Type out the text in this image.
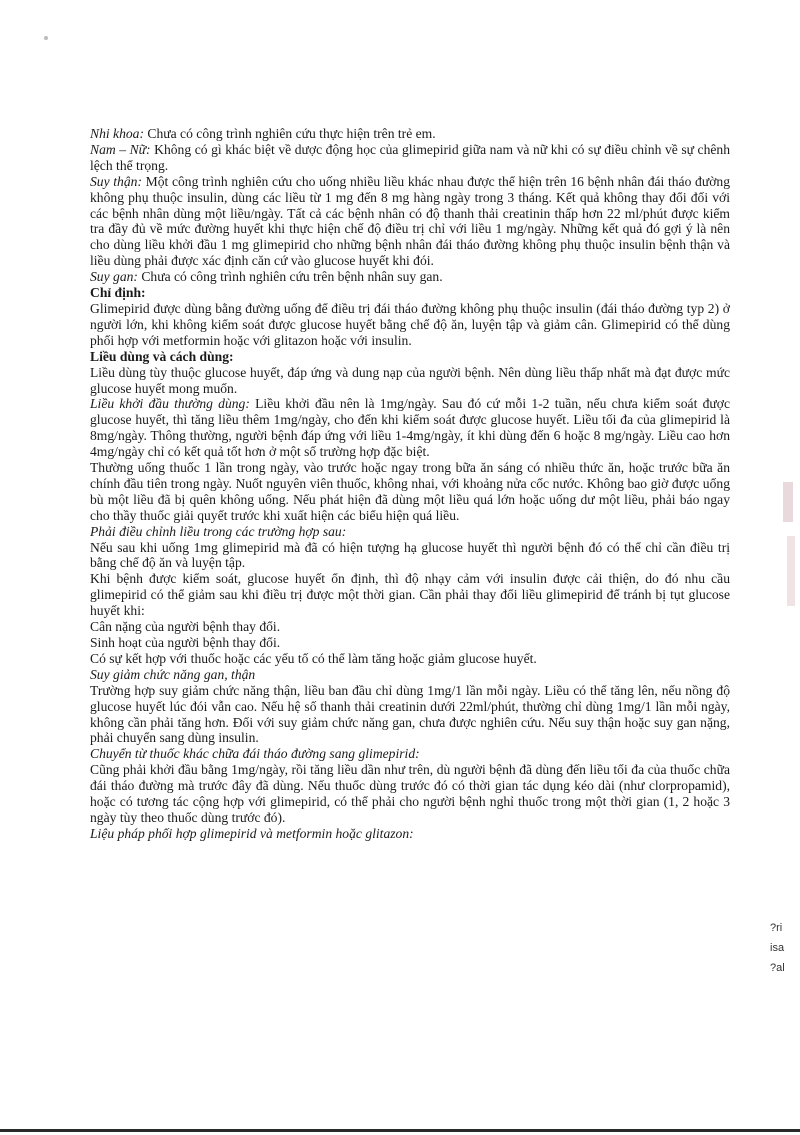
Nhi khoa: Chưa có công trình nghiên cứu thực hiện trên trẻ em.

Nam – Nữ: Không có gì khác biệt về dược động học của glimepirid giữa nam và nữ khi có sự điều chỉnh về sự chênh lệch thể trọng.

Suy thận: Một công trình nghiên cứu cho uống nhiều liều khác nhau được thể hiện trên 16 bệnh nhân đái tháo đường không phụ thuộc insulin, dùng các liều từ 1 mg đến 8 mg hàng ngày trong 3 tháng. Kết quả không thay đổi đối với các bệnh nhân dùng một liều/ngày. Tất cả các bệnh nhân có độ thanh thải creatinin thấp hơn 22 ml/phút được kiểm tra đầy đủ về mức đường huyết khi thực hiện chế độ điều trị chỉ với liều 1 mg/ngày. Những kết quả đó gợi ý là nên cho dùng liều khởi đầu 1 mg glimepirid cho những bệnh nhân đái tháo đường không phụ thuộc insulin bệnh thận và liều dùng phải được xác định căn cứ vào glucose huyết khi đói.

Suy gan: Chưa có công trình nghiên cứu trên bệnh nhân suy gan.

Chỉ định:

Glimepirid được dùng bằng đường uống để điều trị đái tháo đường không phụ thuộc insulin (đái tháo đường typ 2) ở người lớn, khi không kiểm soát được glucose huyết bằng chế độ ăn, luyện tập và giảm cân. Glimepirid có thể dùng phối hợp với metformin hoặc với glitazon hoặc với insulin.

Liều dùng và cách dùng:

Liều dùng tùy thuộc glucose huyết, đáp ứng và dung nạp của người bệnh. Nên dùng liều thấp nhất mà đạt được mức glucose huyết mong muốn.

Liều khởi đầu thường dùng: Liều khởi đầu nên là 1mg/ngày. Sau đó cứ mỗi 1-2 tuần, nếu chưa kiểm soát được glucose huyết, thì tăng liều thêm 1mg/ngày, cho đến khi kiểm soát được glucose huyết. Liều tối đa của glimepirid là 8mg/ngày. Thông thường, người bệnh đáp ứng với liều 1-4mg/ngày, ít khi dùng đến 6 hoặc 8 mg/ngày. Liều cao hơn 4mg/ngày chỉ có kết quả tốt hơn ở một số trường hợp đặc biệt.

Thường uống thuốc 1 lần trong ngày, vào trước hoặc ngay trong bữa ăn sáng có nhiều thức ăn, hoặc trước bữa ăn chính đầu tiên trong ngày. Nuốt nguyên viên thuốc, không nhai, với khoảng nửa cốc nước. Không bao giờ được uống bù một liều đã bị quên không uống. Nếu phát hiện đã dùng một liều quá lớn hoặc uống dư một liều, phải báo ngay cho thầy thuốc giải quyết trước khi xuất hiện các biểu hiện quá liều.

Phải điều chỉnh liều trong các trường hợp sau:

Nếu sau khi uống 1mg glimepirid mà đã có hiện tượng hạ glucose huyết thì người bệnh đó có thể chỉ cần điều trị bằng chế độ ăn và luyện tập.

Khi bệnh được kiểm soát, glucose huyết ổn định, thì độ nhạy cảm với insulin được cải thiện, do đó nhu cầu glimepirid có thể giảm sau khi điều trị được một thời gian. Cần phải thay đổi liều glimepirid để tránh bị tụt glucose huyết khi:

Cân nặng của người bệnh thay đổi.

Sinh hoạt của người bệnh thay đổi.

Có sự kết hợp với thuốc hoặc các yếu tố có thể làm tăng hoặc giảm glucose huyết.

Suy giảm chức năng gan, thận

Trường hợp suy giảm chức năng thận, liều ban đầu chỉ dùng 1mg/1 lần mỗi ngày. Liều có thể tăng lên, nếu nồng độ glucose huyết lúc đói vẫn cao. Nếu hệ số thanh thải creatinin dưới 22ml/phút, thường chỉ dùng 1mg/1 lần mỗi ngày, không cần phải tăng hơn. Đối với suy giảm chức năng gan, chưa được nghiên cứu. Nếu suy thận hoặc suy gan nặng, phải chuyển sang dùng insulin.

Chuyển từ thuốc khác chữa đái tháo đường sang glimepirid:

Cũng phải khởi đầu bằng 1mg/ngày, rồi tăng liều dần như trên, dù người bệnh đã dùng đến liều tối đa của thuốc chữa đái tháo đường mà trước đây đã dùng. Nếu thuốc dùng trước đó có thời gian tác dụng kéo dài (như clorpropamid), hoặc có tương tác cộng hợp với glimepirid, có thể phải cho người bệnh nghỉ thuốc trong một thời gian (1, 2 hoặc 3 ngày tùy theo thuốc dùng trước đó).

Liệu pháp phối hợp glimepirid và metformin hoặc glitazon:

?ri
isa
?al
